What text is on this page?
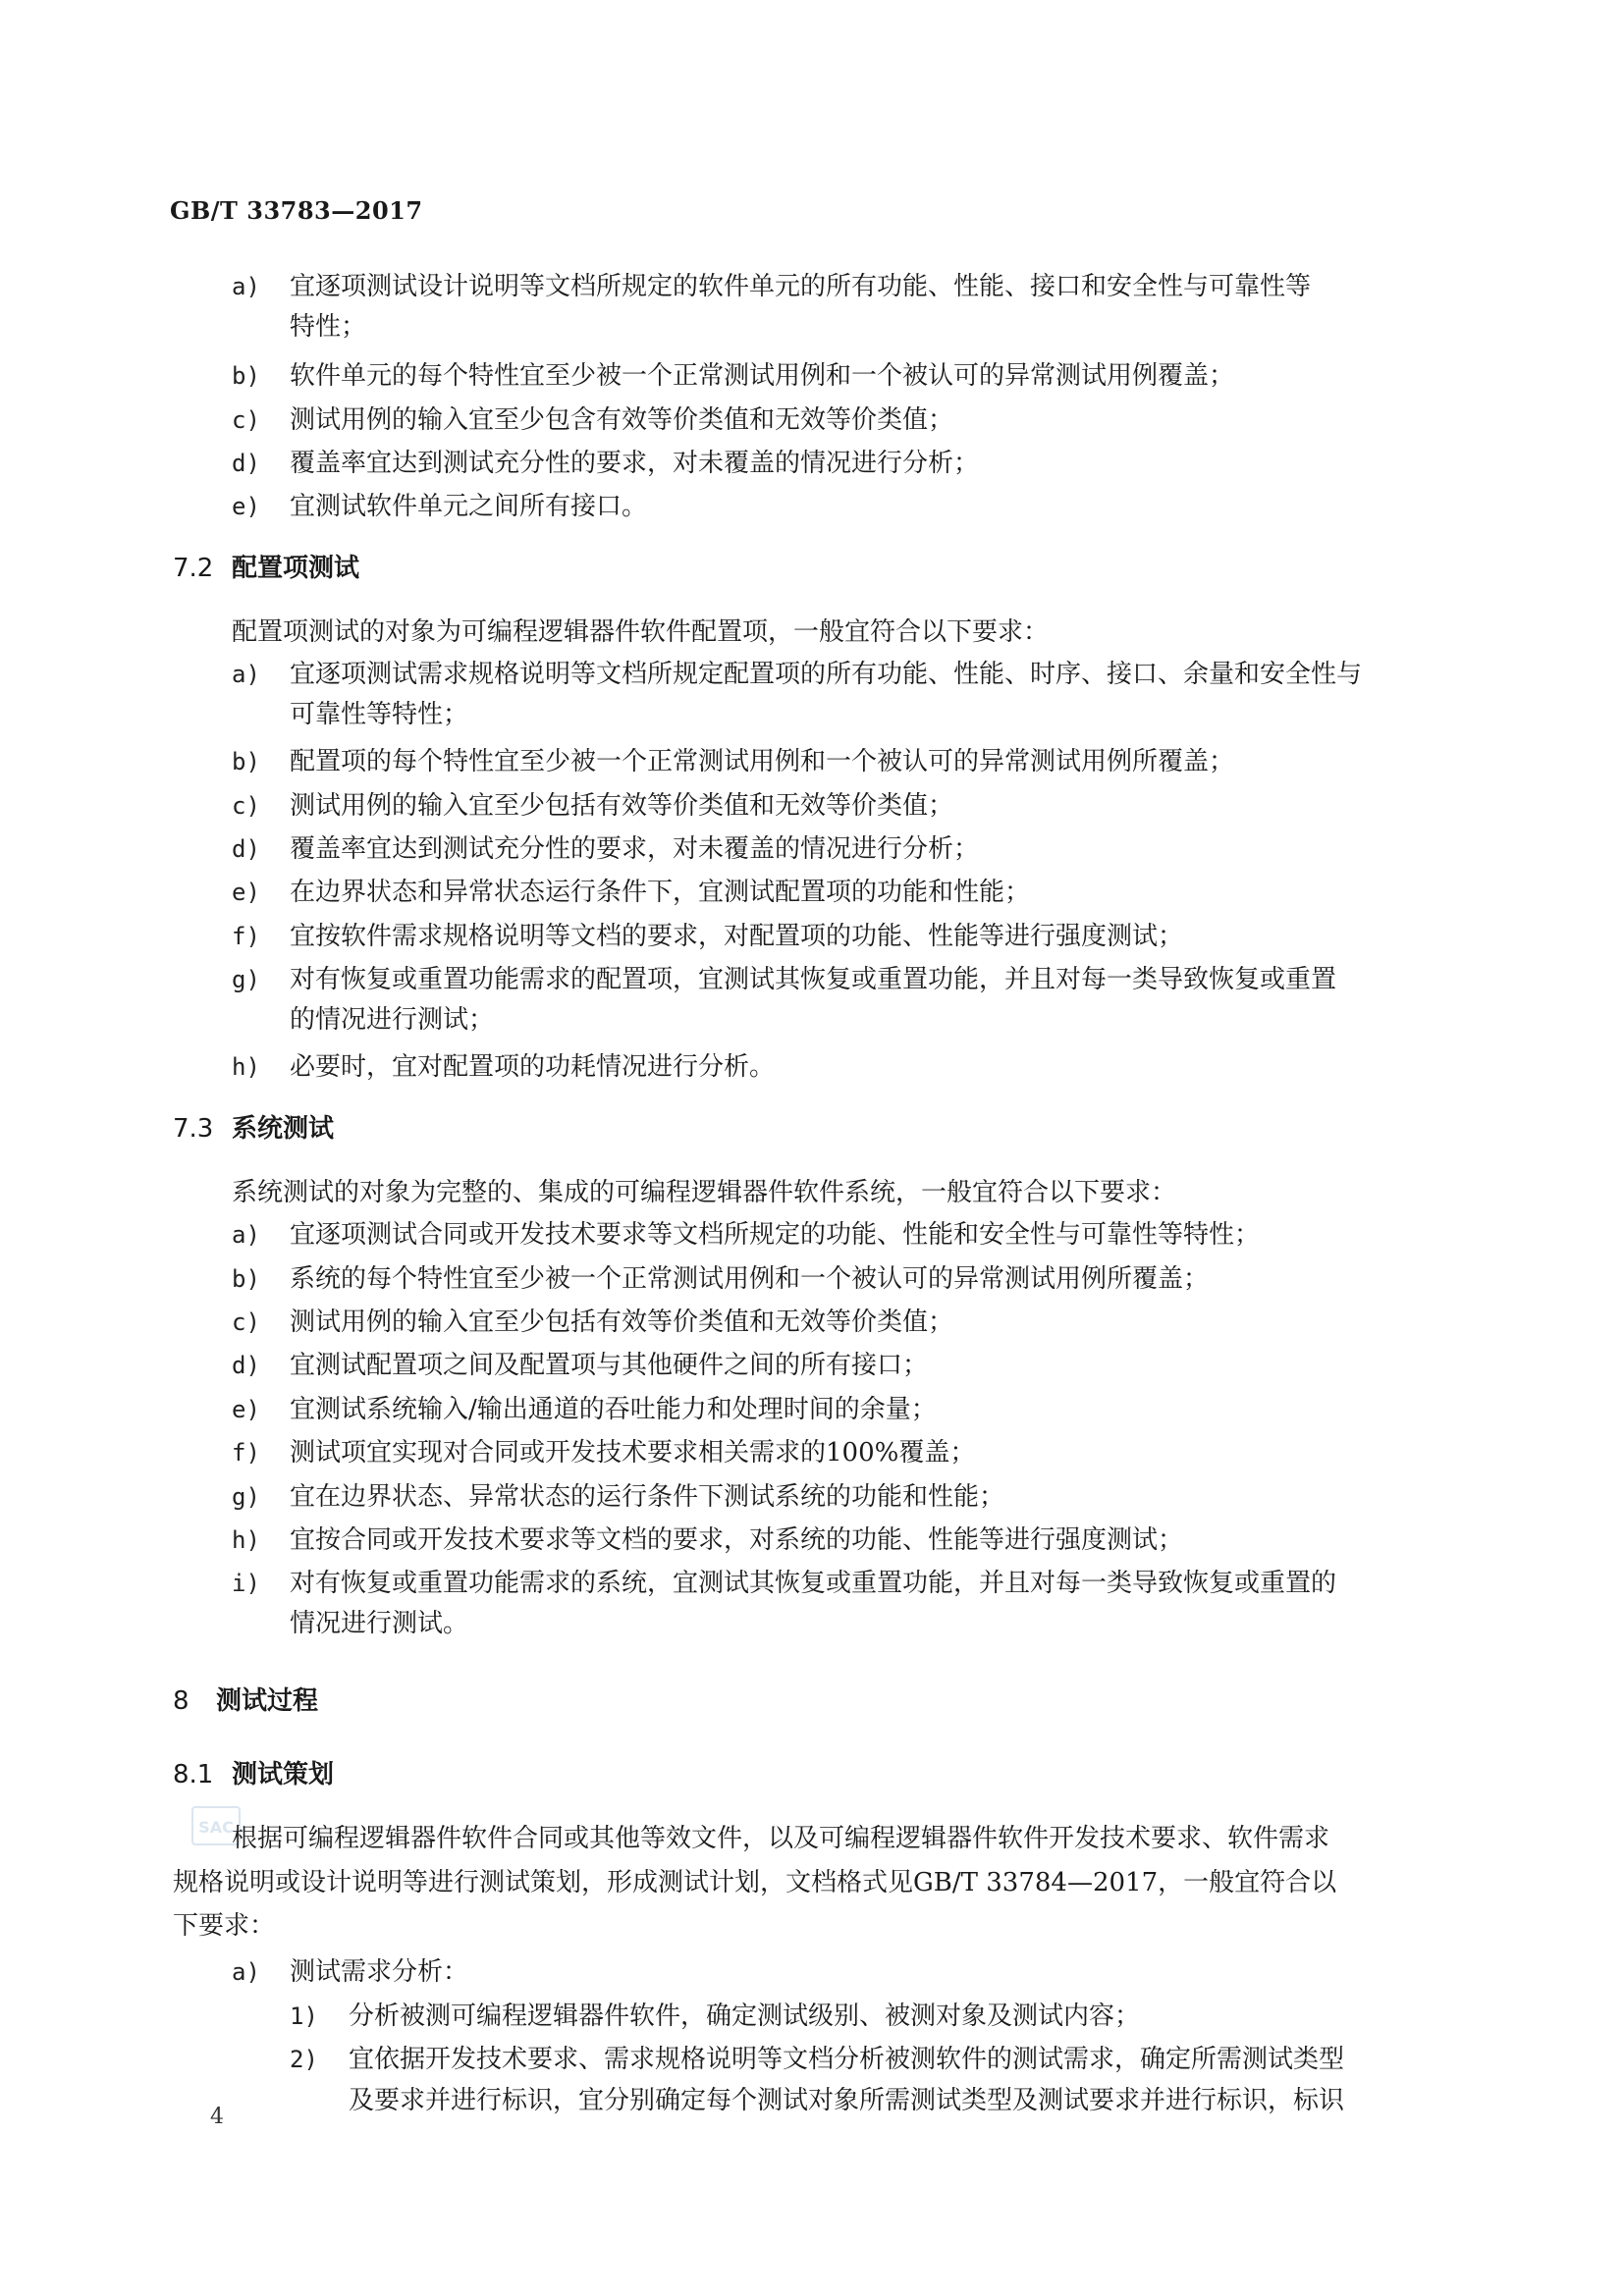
GB/T 33783—2017
a) 宜逐项测试设计说明等文档所规定的软件单元的所有功能、性能、接口和安全性与可靠性等
特性；
b) 软件单元的每个特性宜至少被一个正常测试用例和一个被认可的异常测试用例覆盖；
c) 测试用例的输入宜至少包含有效等价类值和无效等价类值；
d) 覆盖率宜达到测试充分性的要求，对未覆盖的情况进行分析；
e) 宜测试软件单元之间所有接口。
7.2 配置项测试
配置项测试的对象为可编程逻辑器件软件配置项，一般宜符合以下要求：
a) 宜逐项测试需求规格说明等文档所规定配置项的所有功能、性能、时序、接口、余量和安全性与
可靠性等特性；
b) 配置项的每个特性宜至少被一个正常测试用例和一个被认可的异常测试用例所覆盖；
c) 测试用例的输入宜至少包括有效等价类值和无效等价类值；
d) 覆盖率宜达到测试充分性的要求，对未覆盖的情况进行分析；
e) 在边界状态和异常状态运行条件下，宜测试配置项的功能和性能；
f) 宜按软件需求规格说明等文档的要求，对配置项的功能、性能等进行强度测试；
g) 对有恢复或重置功能需求的配置项，宜测试其恢复或重置功能，并且对每一类导致恢复或重置
的情况进行测试；
h) 必要时，宜对配置项的功耗情况进行分析。
7.3 系统测试
系统测试的对象为完整的、集成的可编程逻辑器件软件系统，一般宜符合以下要求：
a) 宜逐项测试合同或开发技术要求等文档所规定的功能、性能和安全性与可靠性等特性；
b) 系统的每个特性宜至少被一个正常测试用例和一个被认可的异常测试用例所覆盖；
c) 测试用例的输入宜至少包括有效等价类值和无效等价类值；
d) 宜测试配置项之间及配置项与其他硬件之间的所有接口；
e) 宜测试系统输入/输出通道的吞吐能力和处理时间的余量；
f) 测试项宜实现对合同或开发技术要求相关需求的100%覆盖；
g) 宜在边界状态、异常状态的运行条件下测试系统的功能和性能；
h) 宜按合同或开发技术要求等文档的要求，对系统的功能、性能等进行强度测试；
i) 对有恢复或重置功能需求的系统，宜测试其恢复或重置功能，并且对每一类导致恢复或重置的
情况进行测试。
8 测试过程
8.1 测试策划
SAC
根据可编程逻辑器件软件合同或其他等效文件，以及可编程逻辑器件软件开发技术要求、软件需求
规格说明或设计说明等进行测试策划，形成测试计划，文档格式见GB/T 33784—2017，一般宜符合以
下要求：
a) 测试需求分析：
1) 分析被测可编程逻辑器件软件，确定测试级别、被测对象及测试内容；
2) 宜依据开发技术要求、需求规格说明等文档分析被测软件的测试需求，确定所需测试类型
及要求并进行标识，宜分别确定每个测试对象所需测试类型及测试要求并进行标识，标识
4
